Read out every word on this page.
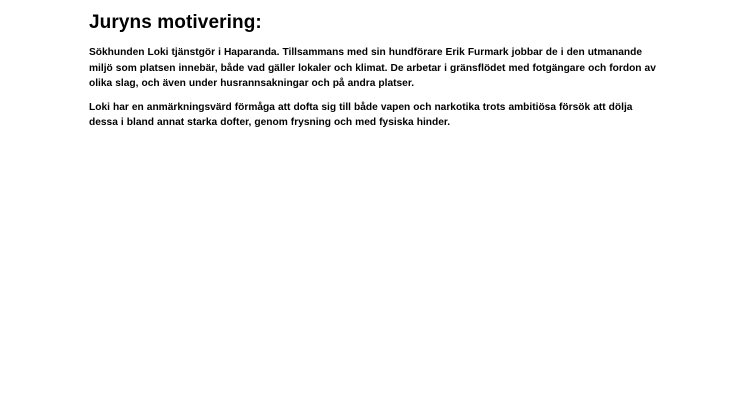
Juryns motivering:

Sökhunden Loki tjänstgör i Haparanda. Tillsammans med sin hundförare Erik Furmark jobbar de i den utmanande miljö som platsen innebär, både vad gäller lokaler och klimat. De arbetar i gränsflödet med fotgängare och fordon av olika slag, och även under husrannsakningar och på andra platser.

Loki har en anmärkningsvärd förmåga att dofta sig till både vapen och narkotika trots ambitiösa försök att dölja dessa i bland annat starka dofter, genom frysning och med fysiska hinder.
